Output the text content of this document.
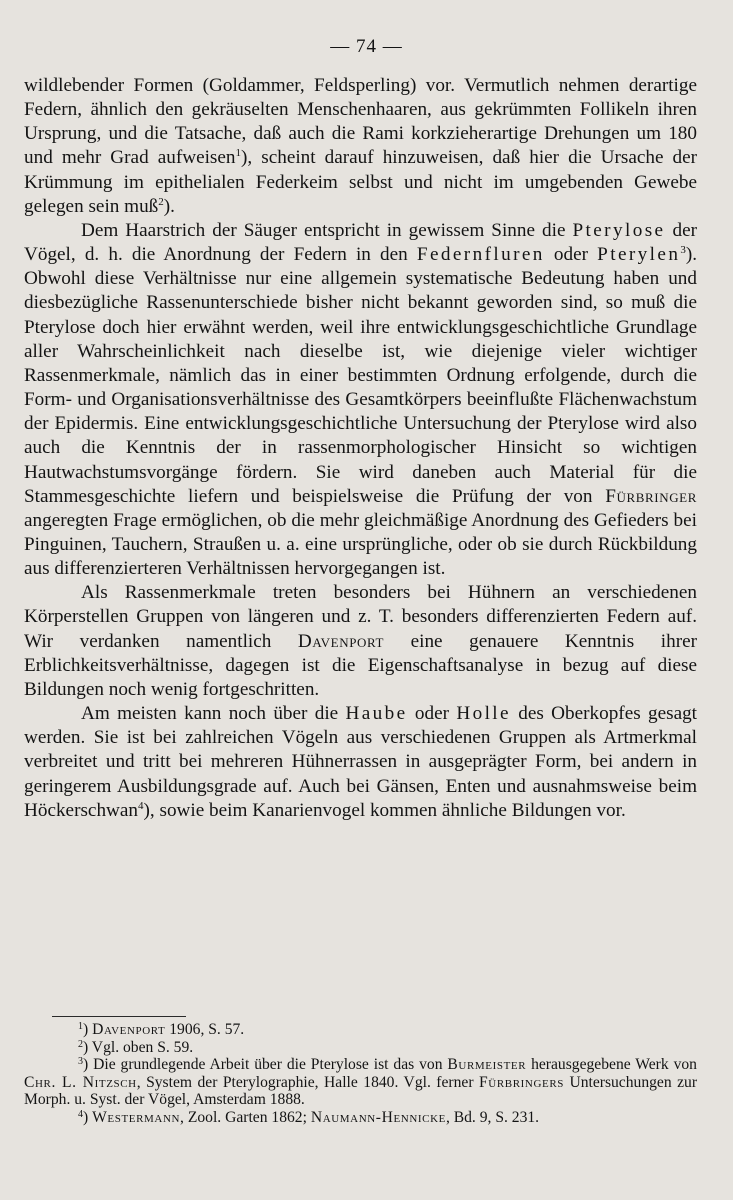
— 74 —

wildlebender Formen (Goldammer, Feldsperling) vor. Vermutlich nehmen derartige Federn, ähnlich den gekräuselten Menschenhaaren, aus gekrümmten Follikeln ihren Ursprung, und die Tatsache, daß auch die Rami korkzieherartige Drehungen um 180 und mehr Grad aufweisen$^1$), scheint darauf hinzuweisen, daß hier die Ursache der Krümmung im epithelialen Federkeim selbst und nicht im umgebenden Gewebe gelegen sein muß$^2$).

Dem Haarstrich der Säuger entspricht in gewissem Sinne die Pterylose der Vögel, d. h. die Anordnung der Federn in den Federnfluren oder Pterylen$^3$). Obwohl diese Verhältnisse nur eine allgemein systematische Bedeutung haben und diesbezügliche Rassenunterschiede bisher nicht bekannt geworden sind, so muß die Pterylose doch hier erwähnt werden, weil ihre entwicklungsgeschichtliche Grundlage aller Wahrscheinlichkeit nach dieselbe ist, wie diejenige vieler wichtiger Rassenmerkmale, nämlich das in einer bestimmten Ordnung erfolgende, durch die Form- und Organisationsverhältnisse des Gesamtkörpers beeinflußte Flächenwachstum der Epidermis. Eine entwicklungsgeschichtliche Untersuchung der Pterylose wird also auch die Kenntnis der in rassenmorphologischer Hinsicht so wichtigen Hautwachstumsvorgänge fördern. Sie wird daneben auch Material für die Stammesgeschichte liefern und beispielsweise die Prüfung der von Fürbringer angeregten Frage ermöglichen, ob die mehr gleichmäßige Anordnung des Gefieders bei Pinguinen, Tauchern, Straußen u. a. eine ursprüngliche, oder ob sie durch Rückbildung aus differenzierteren Verhältnissen hervorgegangen ist.

Als Rassenmerkmale treten besonders bei Hühnern an verschiedenen Körperstellen Gruppen von längeren und z. T. besonders differenzierten Federn auf. Wir verdanken namentlich Davenport eine genauere Kenntnis ihrer Erblichkeitsverhältnisse, dagegen ist die Eigenschaftsanalyse in bezug auf diese Bildungen noch wenig fortgeschritten.

Am meisten kann noch über die Haube oder Holle des Oberkopfes gesagt werden. Sie ist bei zahlreichen Vögeln aus verschiedenen Gruppen als Artmerkmal verbreitet und tritt bei mehreren Hühnerrassen in ausgeprägter Form, bei andern in geringerem Ausbildungsgrade auf. Auch bei Gänsen, Enten und ausnahmsweise beim Höckerschwan$^4$), sowie beim Kanarienvogel kommen ähnliche Bildungen vor.

$^1$) Davenport 1906, S. 57.

$^2$) Vgl. oben S. 59.

$^3$) Die grundlegende Arbeit über die Pterylose ist das von Burmeister herausgegebene Werk von Chr. L. Nitzsch, System der Pterylographie, Halle 1840. Vgl. ferner Fürbringers Untersuchungen zur Morph. u. Syst. der Vögel, Amsterdam 1888.

$^4$) Westermann, Zool. Garten 1862; Naumann-Hennicke, Bd. 9, S. 231.
